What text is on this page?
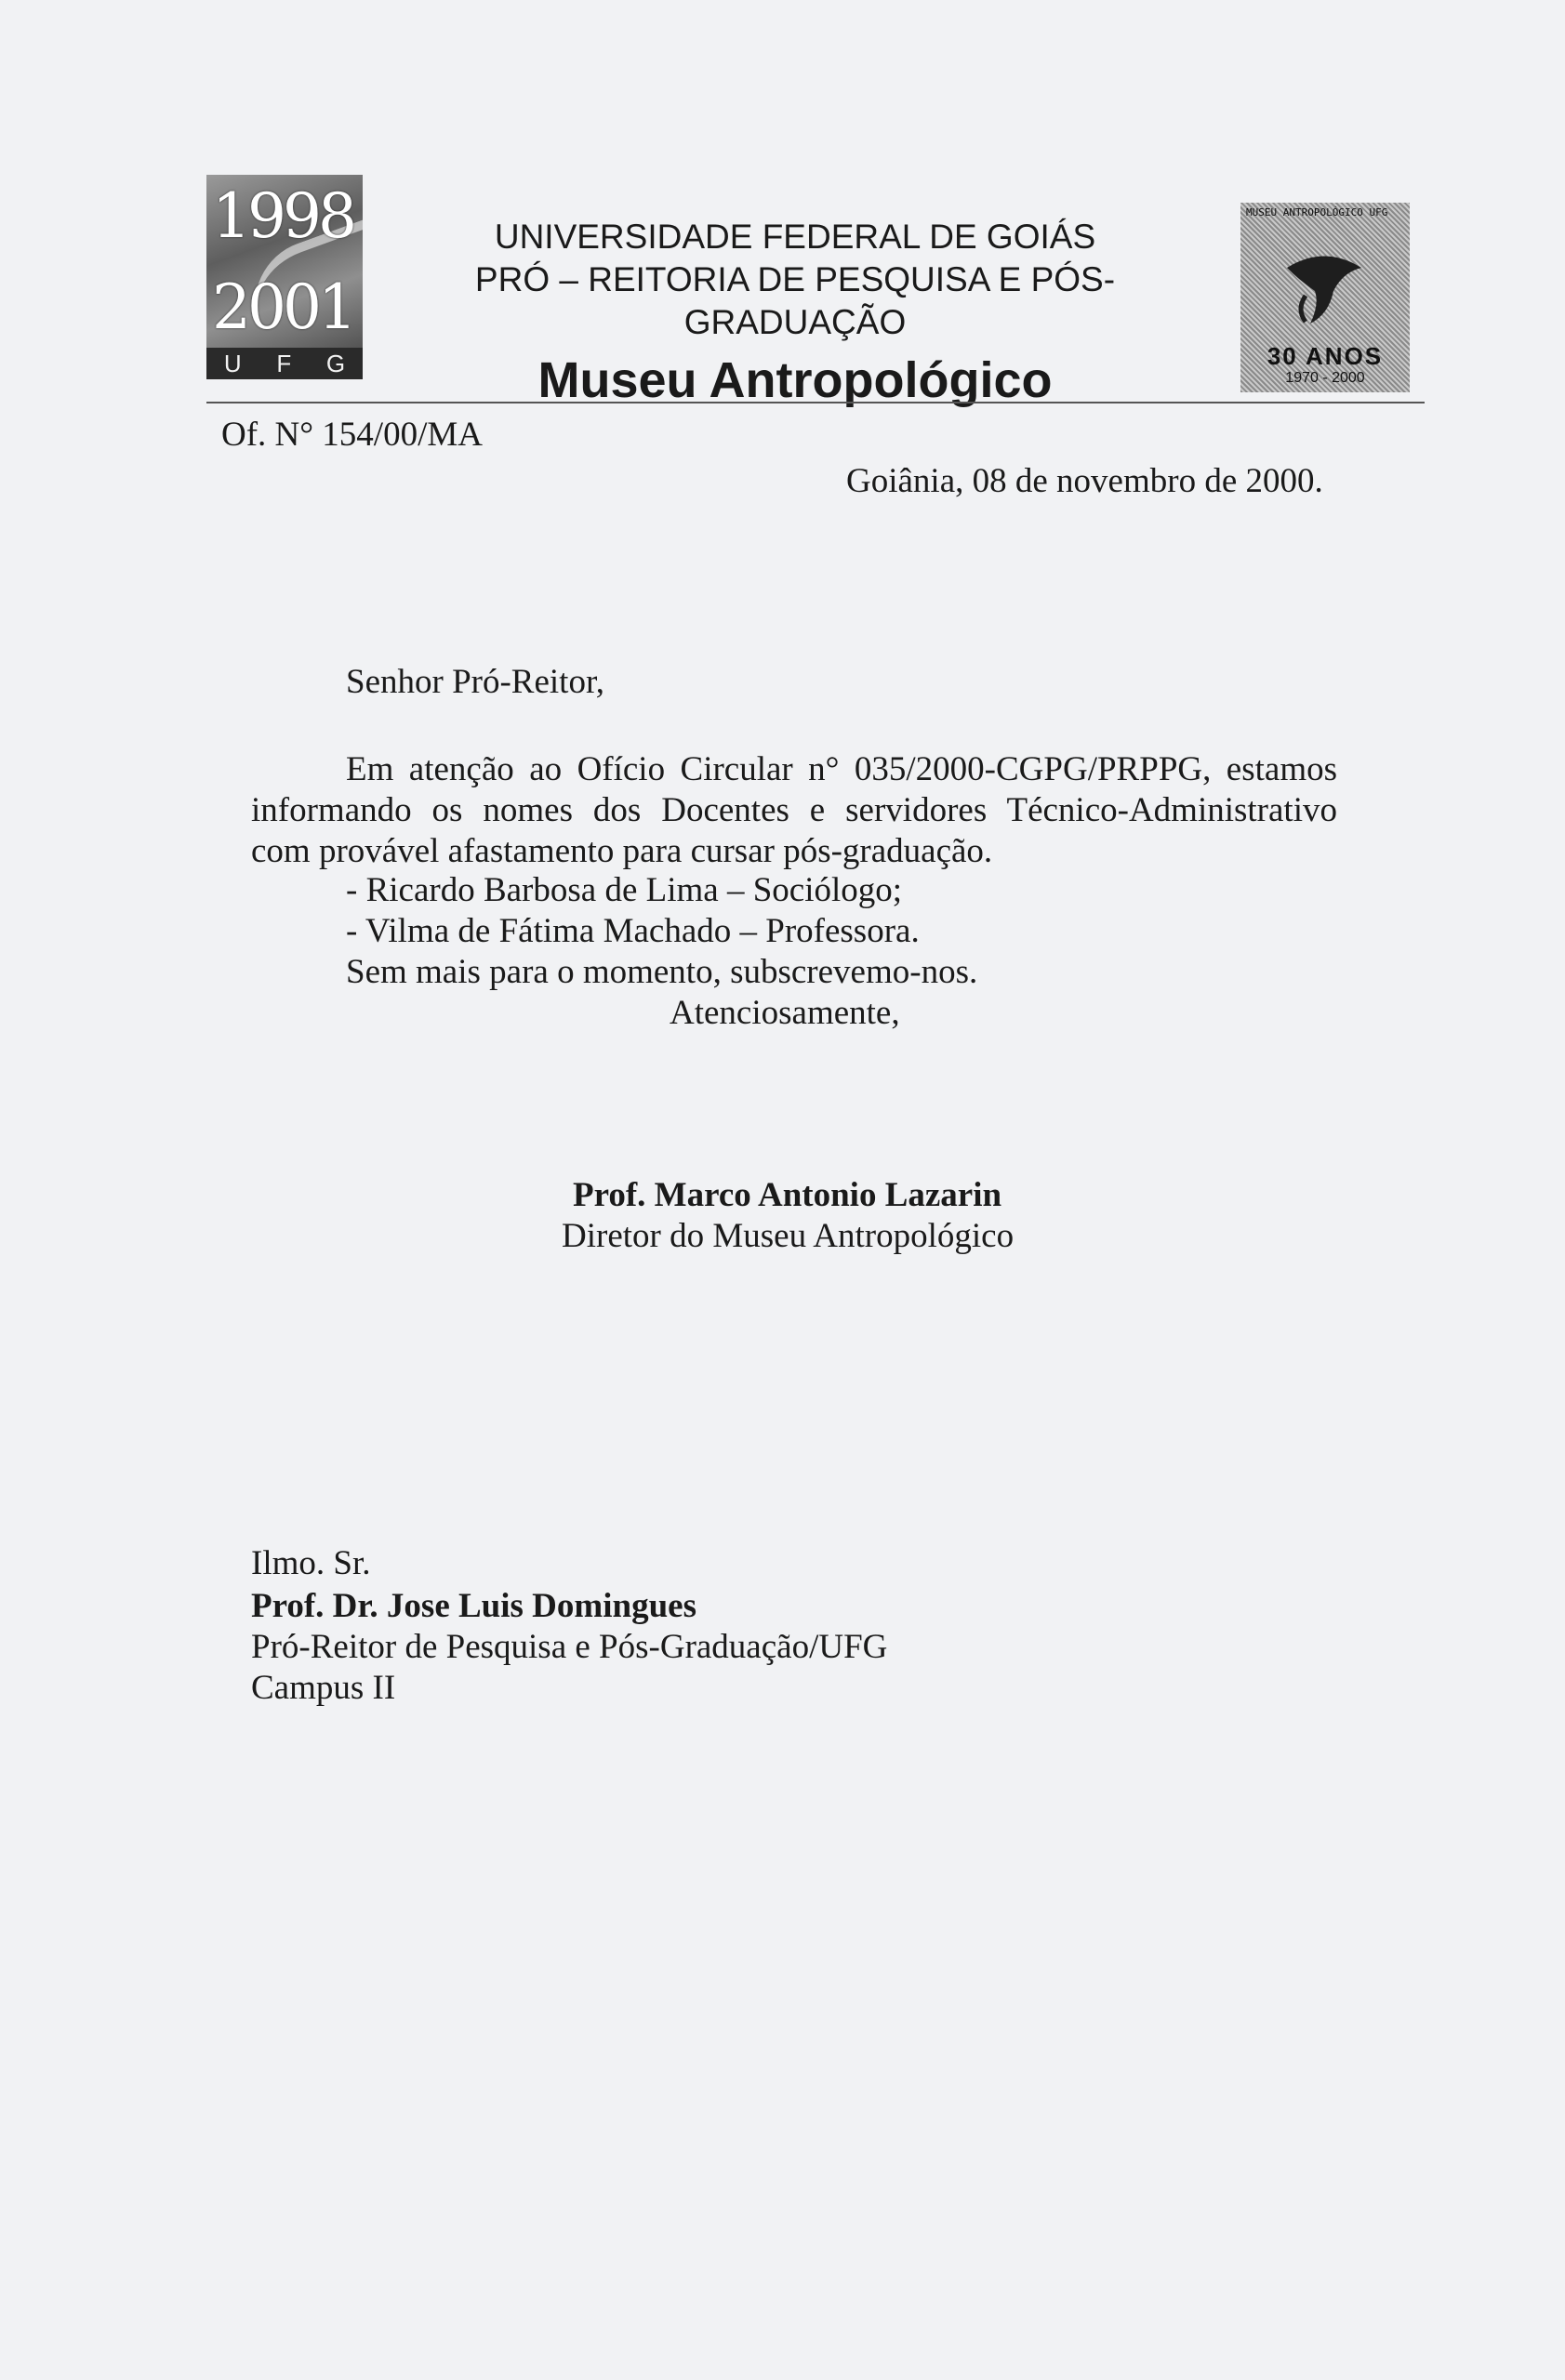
1998
2001
U F G
UNIVERSIDADE FEDERAL DE GOIÁS
PRÓ – REITORIA DE PESQUISA E PÓS-GRADUAÇÃO
Museu Antropológico
MUSEU ANTROPOLÓGICO UFG
30 ANOS
1970 - 2000
Of. N° 154/00/MA
Goiânia, 08 de novembro de 2000.
Senhor Pró-Reitor,
Em atenção ao Ofício Circular n° 035/2000-CGPG/PRPPG, estamos
informando os nomes dos Docentes e servidores Técnico-Administrativo
com provável afastamento para cursar pós-graduação.
- Ricardo Barbosa de Lima – Sociólogo;
- Vilma de Fátima Machado – Professora.
Sem mais para o momento, subscrevemo-nos.
Atenciosamente,
Prof. Marco Antonio Lazarin
Diretor do Museu Antropológico
Ilmo. Sr.
Prof. Dr. Jose Luis Domingues
Pró-Reitor de Pesquisa e Pós-Graduação/UFG
Campus II
